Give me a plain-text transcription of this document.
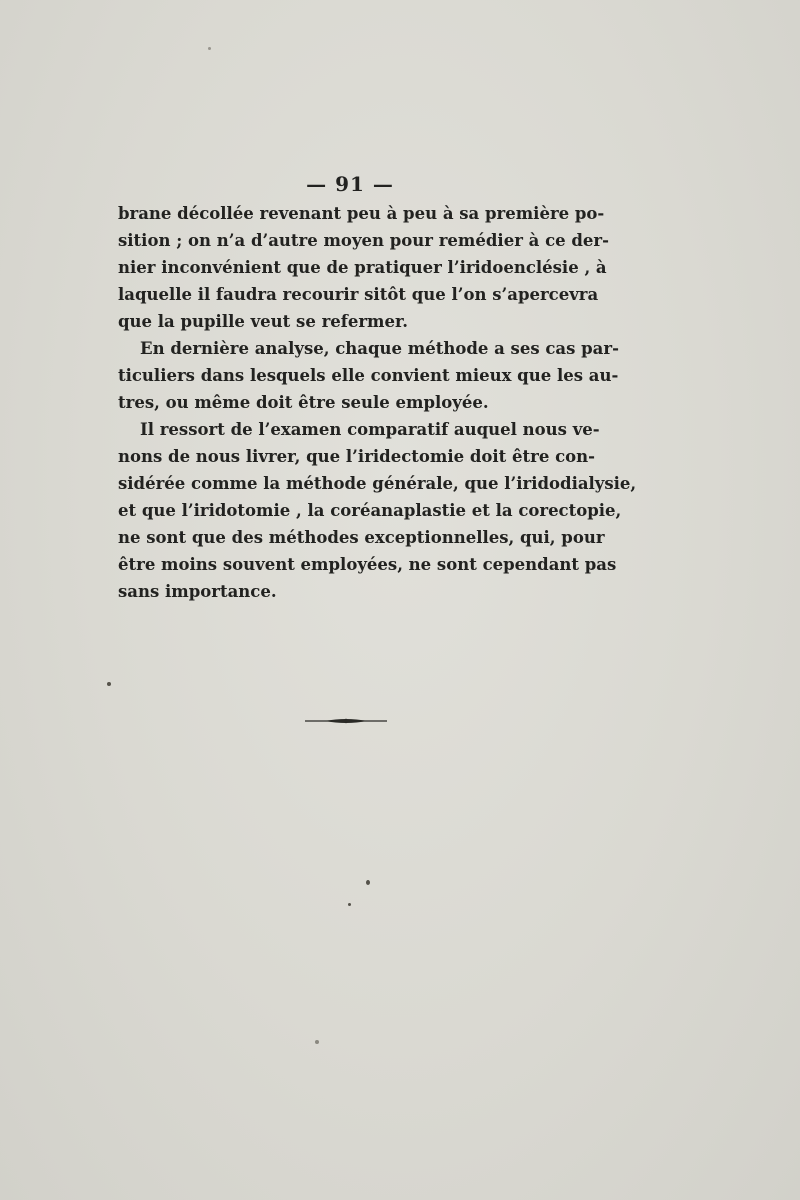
— 91 —
brane décollée revenant peu à peu à sa première po-
sition ; on n’a d’autre moyen pour remédier à ce der-
nier inconvénient que de pratiquer l’iridoenclésie , à
laquelle il faudra recourir sitôt que l’on s’apercevra
que la pupille veut se refermer.
En dernière analyse, chaque méthode a ses cas par-
ticuliers dans lesquels elle convient mieux que les au-
tres, ou même doit être seule employée.
Il ressort de l’examen comparatif auquel nous ve-
nons de nous livrer, que l’iridectomie doit être con-
sidérée comme la méthode générale, que l’iridodialysie,
et que l’iridotomie , la coréanaplastie et la corectopie,
ne sont que des méthodes exceptionnelles, qui, pour
être moins souvent employées, ne sont cependant pas
sans importance.
